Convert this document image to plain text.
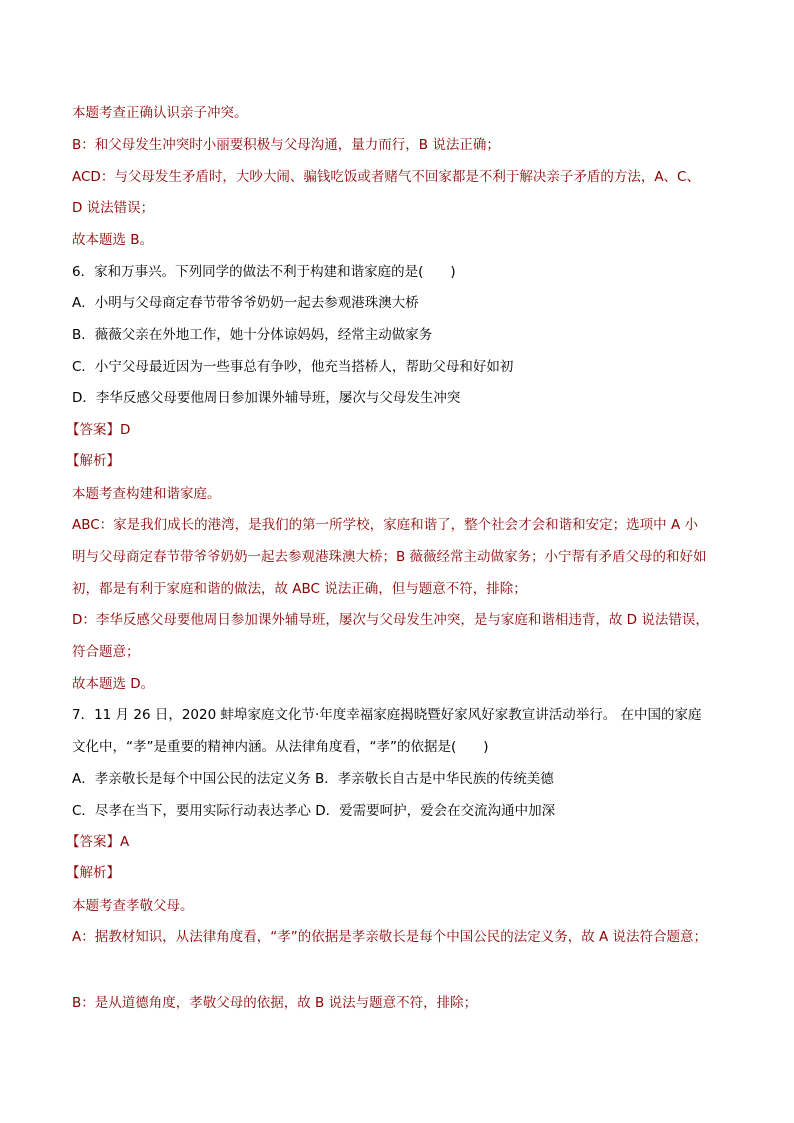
本题考查正确认识亲子冲突。
B：和父母发生冲突时小丽要积极与父母沟通，量力而行，B 说法正确；
ACD：与父母发生矛盾时，大吵大闹、骗钱吃饭或者赌气不回家都是不利于解决亲子矛盾的方法，A、C、
D 说法错误；
故本题选 B。
6．家和万事兴。下列同学的做法不利于构建和谐家庭的是(　　)
A．小明与父母商定春节带爷爷奶奶一起去参观港珠澳大桥
B．薇薇父亲在外地工作，她十分体谅妈妈，经常主动做家务
C．小宁父母最近因为一些事总有争吵，他充当搭桥人，帮助父母和好如初
D．李华反感父母要他周日参加课外辅导班，屡次与父母发生冲突
【答案】D
【解析】
本题考查构建和谐家庭。
ABC：家是我们成长的港湾，是我们的第一所学校，家庭和谐了，整个社会才会和谐和安定；选项中 A 小
明与父母商定春节带爷爷奶奶一起去参观港珠澳大桥；B 薇薇经常主动做家务；小宁帮有矛盾父母的和好如
初，都是有利于家庭和谐的做法，故 ABC 说法正确，但与题意不符，排除；
D：李华反感父母要他周日参加课外辅导班，屡次与父母发生冲突，是与家庭和谐相违背，故 D 说法错误，
符合题意；
故本题选 D。
7．11 月 26 日，2020 蚌埠家庭文化节·年度幸福家庭揭晓暨好家风好家教宣讲活动举行。 在中国的家庭
文化中，“孝”是重要的精神内涵。从法律角度看，“孝”的依据是(　　)
A．孝亲敬长是每个中国公民的法定义务 B．孝亲敬长自古是中华民族的传统美德
C．尽孝在当下，要用实际行动表达孝心 D．爱需要呵护，爱会在交流沟通中加深
【答案】A
【解析】
本题考查孝敬父母。
A：据教材知识，从法律角度看，“孝”的依据是孝亲敬长是每个中国公民的法定义务，故 A 说法符合题意；
B：是从道德角度，孝敬父母的依据，故 B 说法与题意不符，排除；
